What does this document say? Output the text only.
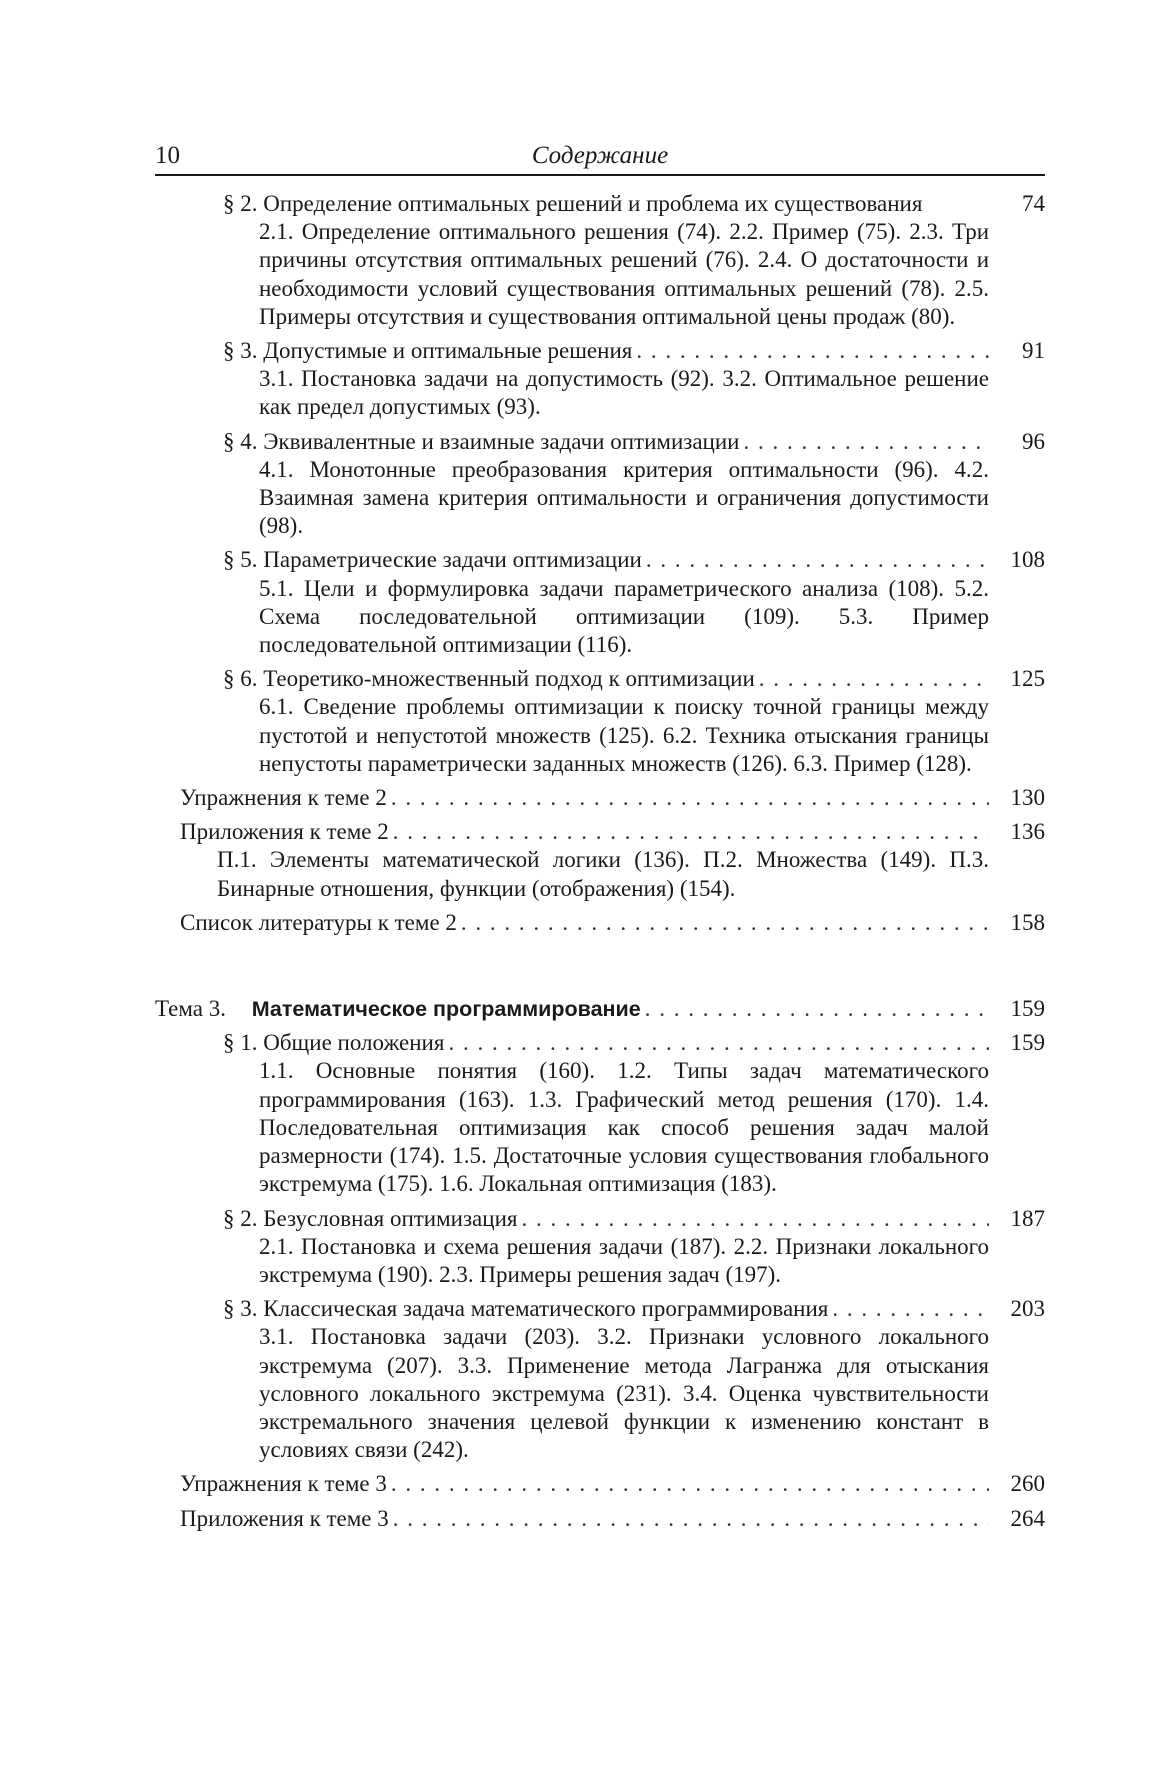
10	Содержание
§ 2. Определение оптимальных решений и проблема их существования	74
2.1. Определение оптимального решения (74). 2.2. Пример (75). 2.3. Три причины отсутствия оптимальных решений (76). 2.4. О достаточности и необходимости условий существования оптимальных решений (78). 2.5. Примеры отсутствия и существования оптимальной цены продаж (80).
§ 3. Допустимые и оптимальные решения . . .	91
3.1. Постановка задачи на допустимость (92). 3.2. Оптимальное решение как предел допустимых (93).
§ 4. Эквивалентные и взаимные задачи оптимизации . . .	96
4.1. Монотонные преобразования критерия оптимальности (96). 4.2. Взаимная замена критерия оптимальности и ограничения допустимости (98).
§ 5. Параметрические задачи оптимизации . . .	108
5.1. Цели и формулировка задачи параметрического анализа (108). 5.2. Схема последовательной оптимизации (109). 5.3. Пример последовательной оптимизации (116).
§ 6. Теоретико-множественный подход к оптимизации . . .	125
6.1. Сведение проблемы оптимизации к поиску точной границы между пустотой и непустотой множеств (125). 6.2. Техника отыскания границы непустоты параметрически заданных множеств (126). 6.3. Пример (128).
Упражнения к теме 2 . . .	130
Приложения к теме 2 . . .	136
П.1. Элементы математической логики (136). П.2. Множества (149). П.3. Бинарные отношения, функции (отображения) (154).
Список литературы к теме 2 . . .	158
Тема 3. Математическое программирование . . .	159
§ 1. Общие положения . . .	159
1.1. Основные понятия (160). 1.2. Типы задач математического программирования (163). 1.3. Графический метод решения (170). 1.4. Последовательная оптимизация как способ решения задач малой размерности (174). 1.5. Достаточные условия существования глобального экстремума (175). 1.6. Локальная оптимизация (183).
§ 2. Безусловная оптимизация . . .	187
2.1. Постановка и схема решения задачи (187). 2.2. Признаки локального экстремума (190). 2.3. Примеры решения задач (197).
§ 3. Классическая задача математического программирования . . .	203
3.1. Постановка задачи (203). 3.2. Признаки условного локального экстремума (207). 3.3. Применение метода Лагранжа для отыскания условного локального экстремума (231). 3.4. Оценка чувствительности экстремального значения целевой функции к изменению констант в условиях связи (242).
Упражнения к теме 3 . . .	260
Приложения к теме 3 . . .	264
